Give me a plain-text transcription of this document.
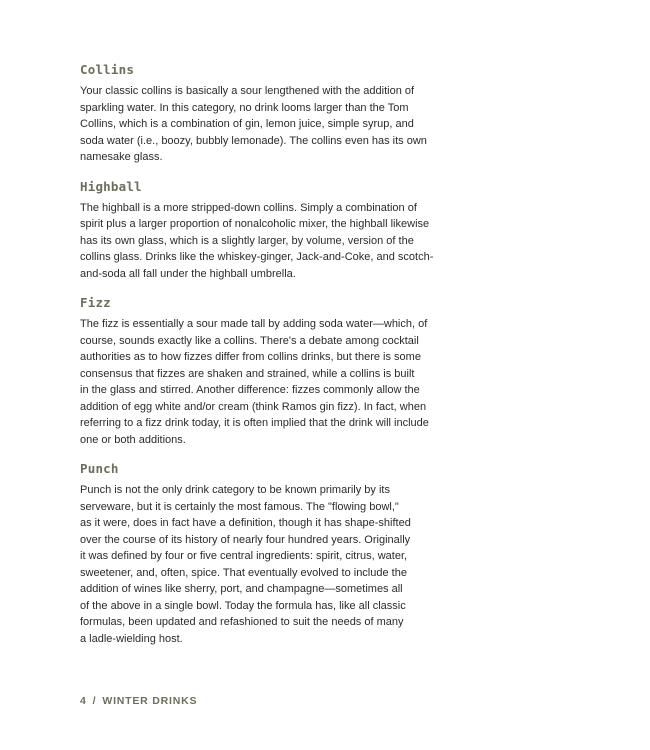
Collins

Your classic collins is basically a sour lengthened with the addition of
sparkling water. In this category, no drink looms larger than the Tom
Collins, which is a combination of gin, lemon juice, simple syrup, and
soda water (i.e., boozy, bubbly lemonade). The collins even has its own
namesake glass.

Highball

The highball is a more stripped-down collins. Simply a combination of
spirit plus a larger proportion of nonalcoholic mixer, the highball likewise
has its own glass, which is a slightly larger, by volume, version of the
collins glass. Drinks like the whiskey-ginger, Jack-and-Coke, and scotch-
and-soda all fall under the highball umbrella.

Fizz

The fizz is essentially a sour made tall by adding soda water—which, of
course, sounds exactly like a collins. There's a debate among cocktail
authorities as to how fizzes differ from collins drinks, but there is some
consensus that fizzes are shaken and strained, while a collins is built
in the glass and stirred. Another difference: fizzes commonly allow the
addition of egg white and/or cream (think Ramos gin fizz). In fact, when
referring to a fizz drink today, it is often implied that the drink will include
one or both additions.

Punch

Punch is not the only drink category to be known primarily by its
serveware, but it is certainly the most famous. The "flowing bowl,"
as it were, does in fact have a definition, though it has shape-shifted
over the course of its history of nearly four hundred years. Originally
it was defined by four or five central ingredients: spirit, citrus, water,
sweetener, and, often, spice. That eventually evolved to include the
addition of wines like sherry, port, and champagne—sometimes all
of the above in a single bowl. Today the formula has, like all classic
formulas, been updated and refashioned to suit the needs of many
a ladle-wielding host.

4 / WINTER DRINKS
